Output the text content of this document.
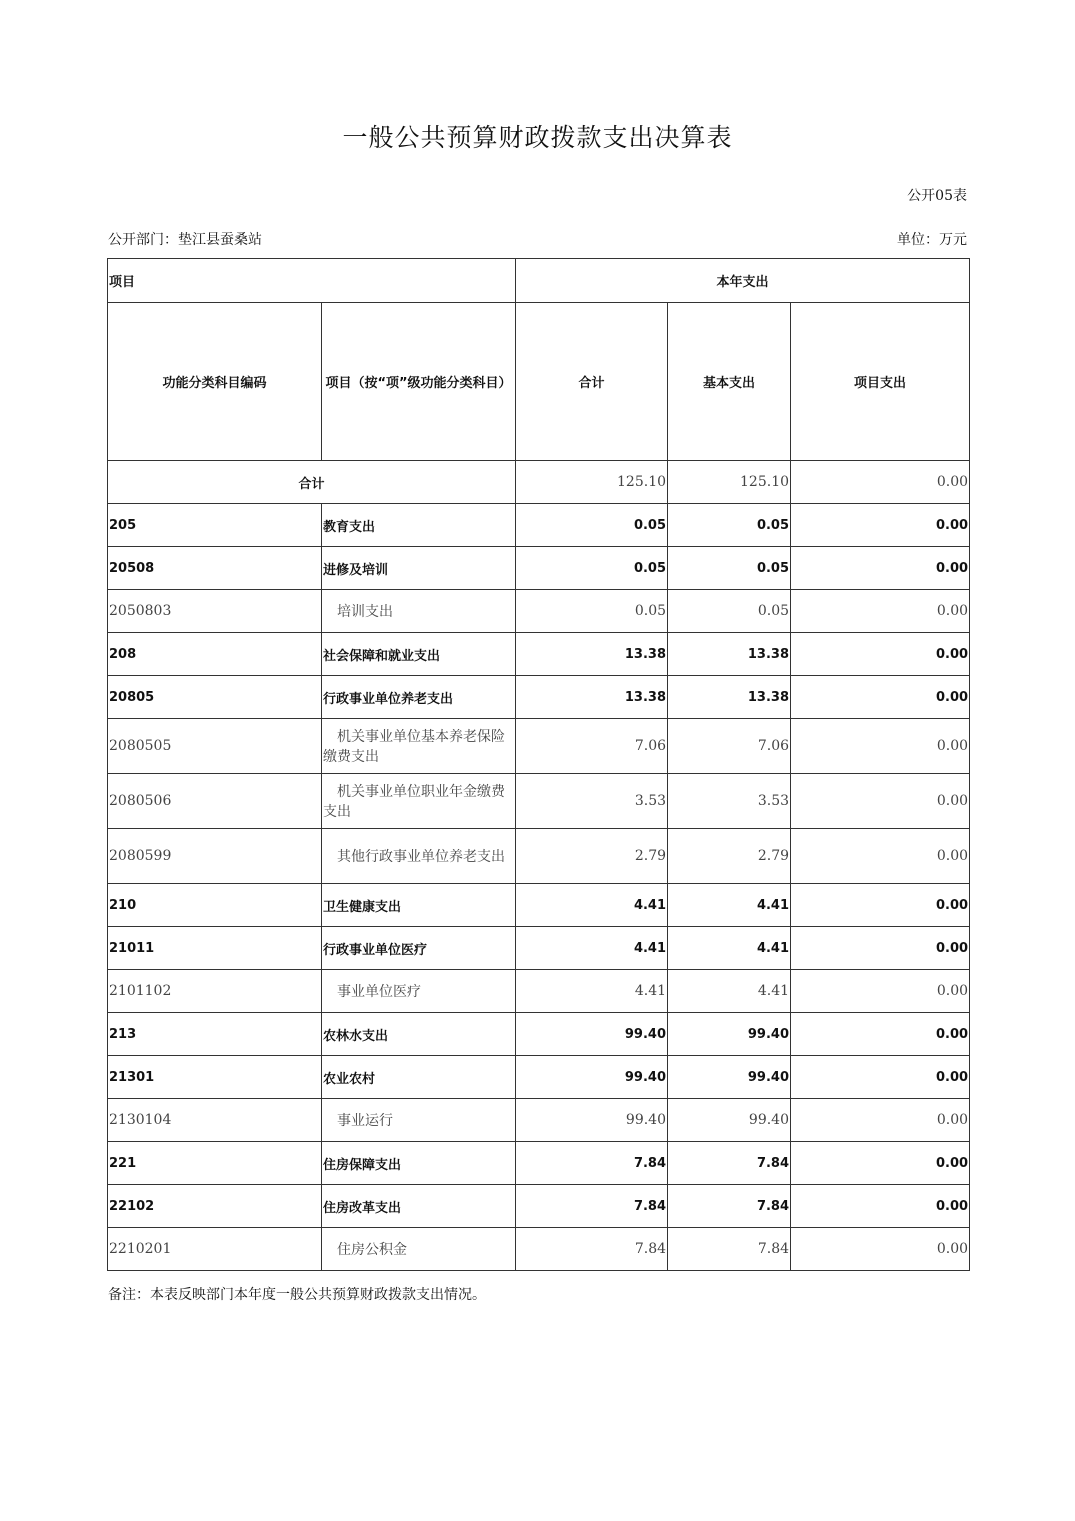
一般公共预算财政拨款支出决算表
公开05表
公开部门：垫江县蚕桑站	单位：万元
项目		本年支出		
功能分类科目编码	项目（按“项”级功能分类科目）	合计	基本支出	项目支出
合计		125.10	125.10	0.00
205	教育支出	0.05	0.05	0.00
20508	进修及培训	0.05	0.05	0.00
2050803	培训支出	0.05	0.05	0.00
208	社会保障和就业支出	13.38	13.38	0.00
20805	行政事业单位养老支出	13.38	13.38	0.00
2080505	机关事业单位基本养老保险缴费支出	7.06	7.06	0.00
2080506	机关事业单位职业年金缴费支出	3.53	3.53	0.00
2080599	其他行政事业单位养老支出	2.79	2.79	0.00
210	卫生健康支出	4.41	4.41	0.00
21011	行政事业单位医疗	4.41	4.41	0.00
2101102	事业单位医疗	4.41	4.41	0.00
213	农林水支出	99.40	99.40	0.00
21301	农业农村	99.40	99.40	0.00
2130104	事业运行	99.40	99.40	0.00
221	住房保障支出	7.84	7.84	0.00
22102	住房改革支出	7.84	7.84	0.00
2210201	住房公积金	7.84	7.84	0.00
备注：本表反映部门本年度一般公共预算财政拨款支出情况。
